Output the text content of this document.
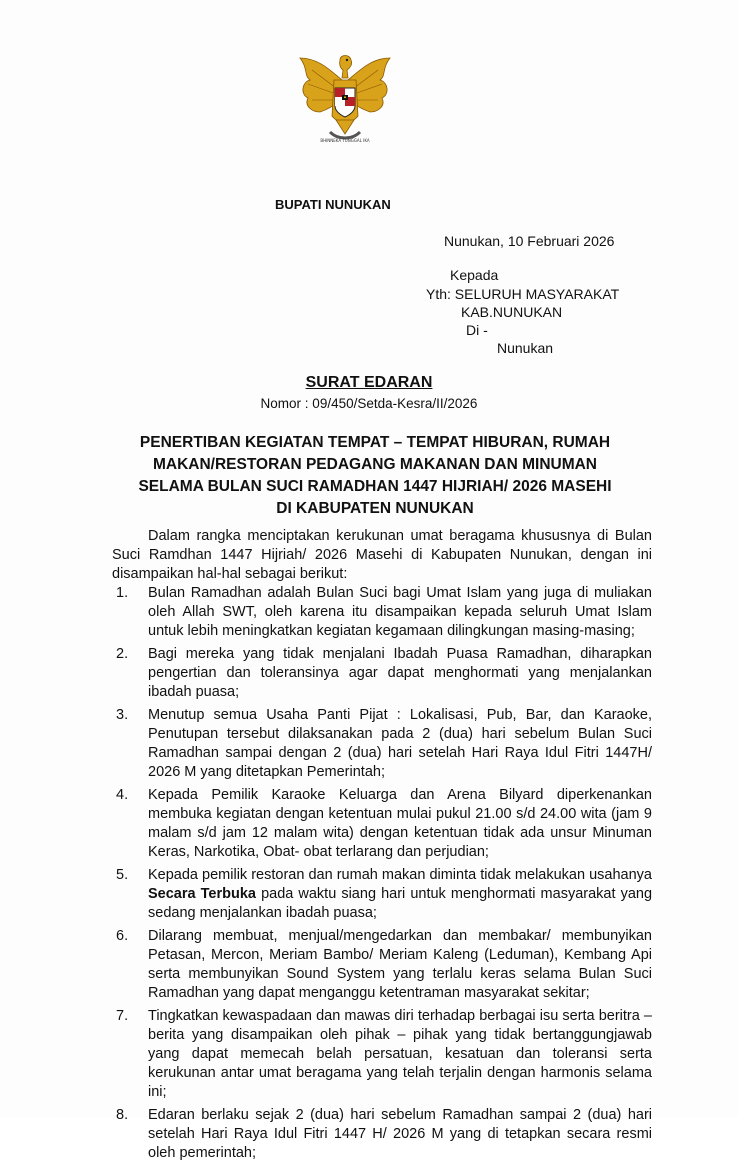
BHINNEKA TUNGGAL IKA
BUPATI NUNUKAN
Nunukan, 10 Februari 2026
Kepada
Yth: SELURUH MASYARAKAT
KAB.NUNUKAN
Di -
Nunukan
SURAT EDARAN
Nomor : 09/450/Setda-Kesra/II/2026
PENERTIBAN KEGIATAN TEMPAT – TEMPAT HIBURAN, RUMAH
MAKAN/RESTORAN PEDAGANG MAKANAN DAN MINUMAN
SELAMA BULAN SUCI RAMADHAN 1447 HIJRIAH/ 2026 MASEHI
DI KABUPATEN NUNUKAN
Dalam rangka menciptakan kerukunan umat beragama khususnya di Bulan Suci Ramdhan 1447 Hijriah/ 2026 Masehi di Kabupaten Nunukan, dengan ini disampaikan hal-hal sebagai berikut:
1. Bulan Ramadhan adalah Bulan Suci bagi Umat Islam yang juga di muliakan oleh Allah SWT, oleh karena itu disampaikan kepada seluruh Umat Islam untuk lebih meningkatkan kegiatan kegamaan dilingkungan masing-masing;
2. Bagi mereka yang tidak menjalani Ibadah Puasa Ramadhan, diharapkan pengertian dan toleransinya agar dapat menghormati yang menjalankan ibadah puasa;
3. Menutup semua Usaha Panti Pijat : Lokalisasi, Pub, Bar, dan Karaoke, Penutupan tersebut dilaksanakan pada 2 (dua) hari sebelum Bulan Suci Ramadhan sampai dengan 2 (dua) hari setelah Hari Raya Idul Fitri 1447H/ 2026 M yang ditetapkan Pemerintah;
4. Kepada Pemilik Karaoke Keluarga dan Arena Bilyard diperkenankan membuka kegiatan dengan ketentuan mulai pukul 21.00 s/d 24.00 wita (jam 9 malam s/d jam 12 malam wita) dengan ketentuan tidak ada unsur Minuman Keras, Narkotika, Obat- obat terlarang dan perjudian;
5. Kepada pemilik restoran dan rumah makan diminta tidak melakukan usahanya Secara Terbuka pada waktu siang hari untuk menghormati masyarakat yang sedang menjalankan ibadah puasa;
6. Dilarang membuat, menjual/mengedarkan dan membakar/ membunyikan Petasan, Mercon, Meriam Bambo/ Meriam Kaleng (Leduman), Kembang Api serta membunyikan Sound System yang terlalu keras selama Bulan Suci Ramadhan yang dapat menganggu ketentraman masyarakat sekitar;
7. Tingkatkan kewaspadaan dan mawas diri terhadap berbagai isu serta beritra – berita yang disampaikan oleh pihak – pihak yang tidak bertanggungjawab yang dapat memecah belah persatuan, kesatuan dan toleransi serta kerukunan antar umat beragama yang telah terjalin dengan harmonis selama ini;
8. Edaran berlaku sejak 2 (dua) hari sebelum Ramadhan sampai 2 (dua) hari setelah Hari Raya Idul Fitri 1447 H/ 2026 M yang di tetapkan secara resmi oleh pemerintah;
